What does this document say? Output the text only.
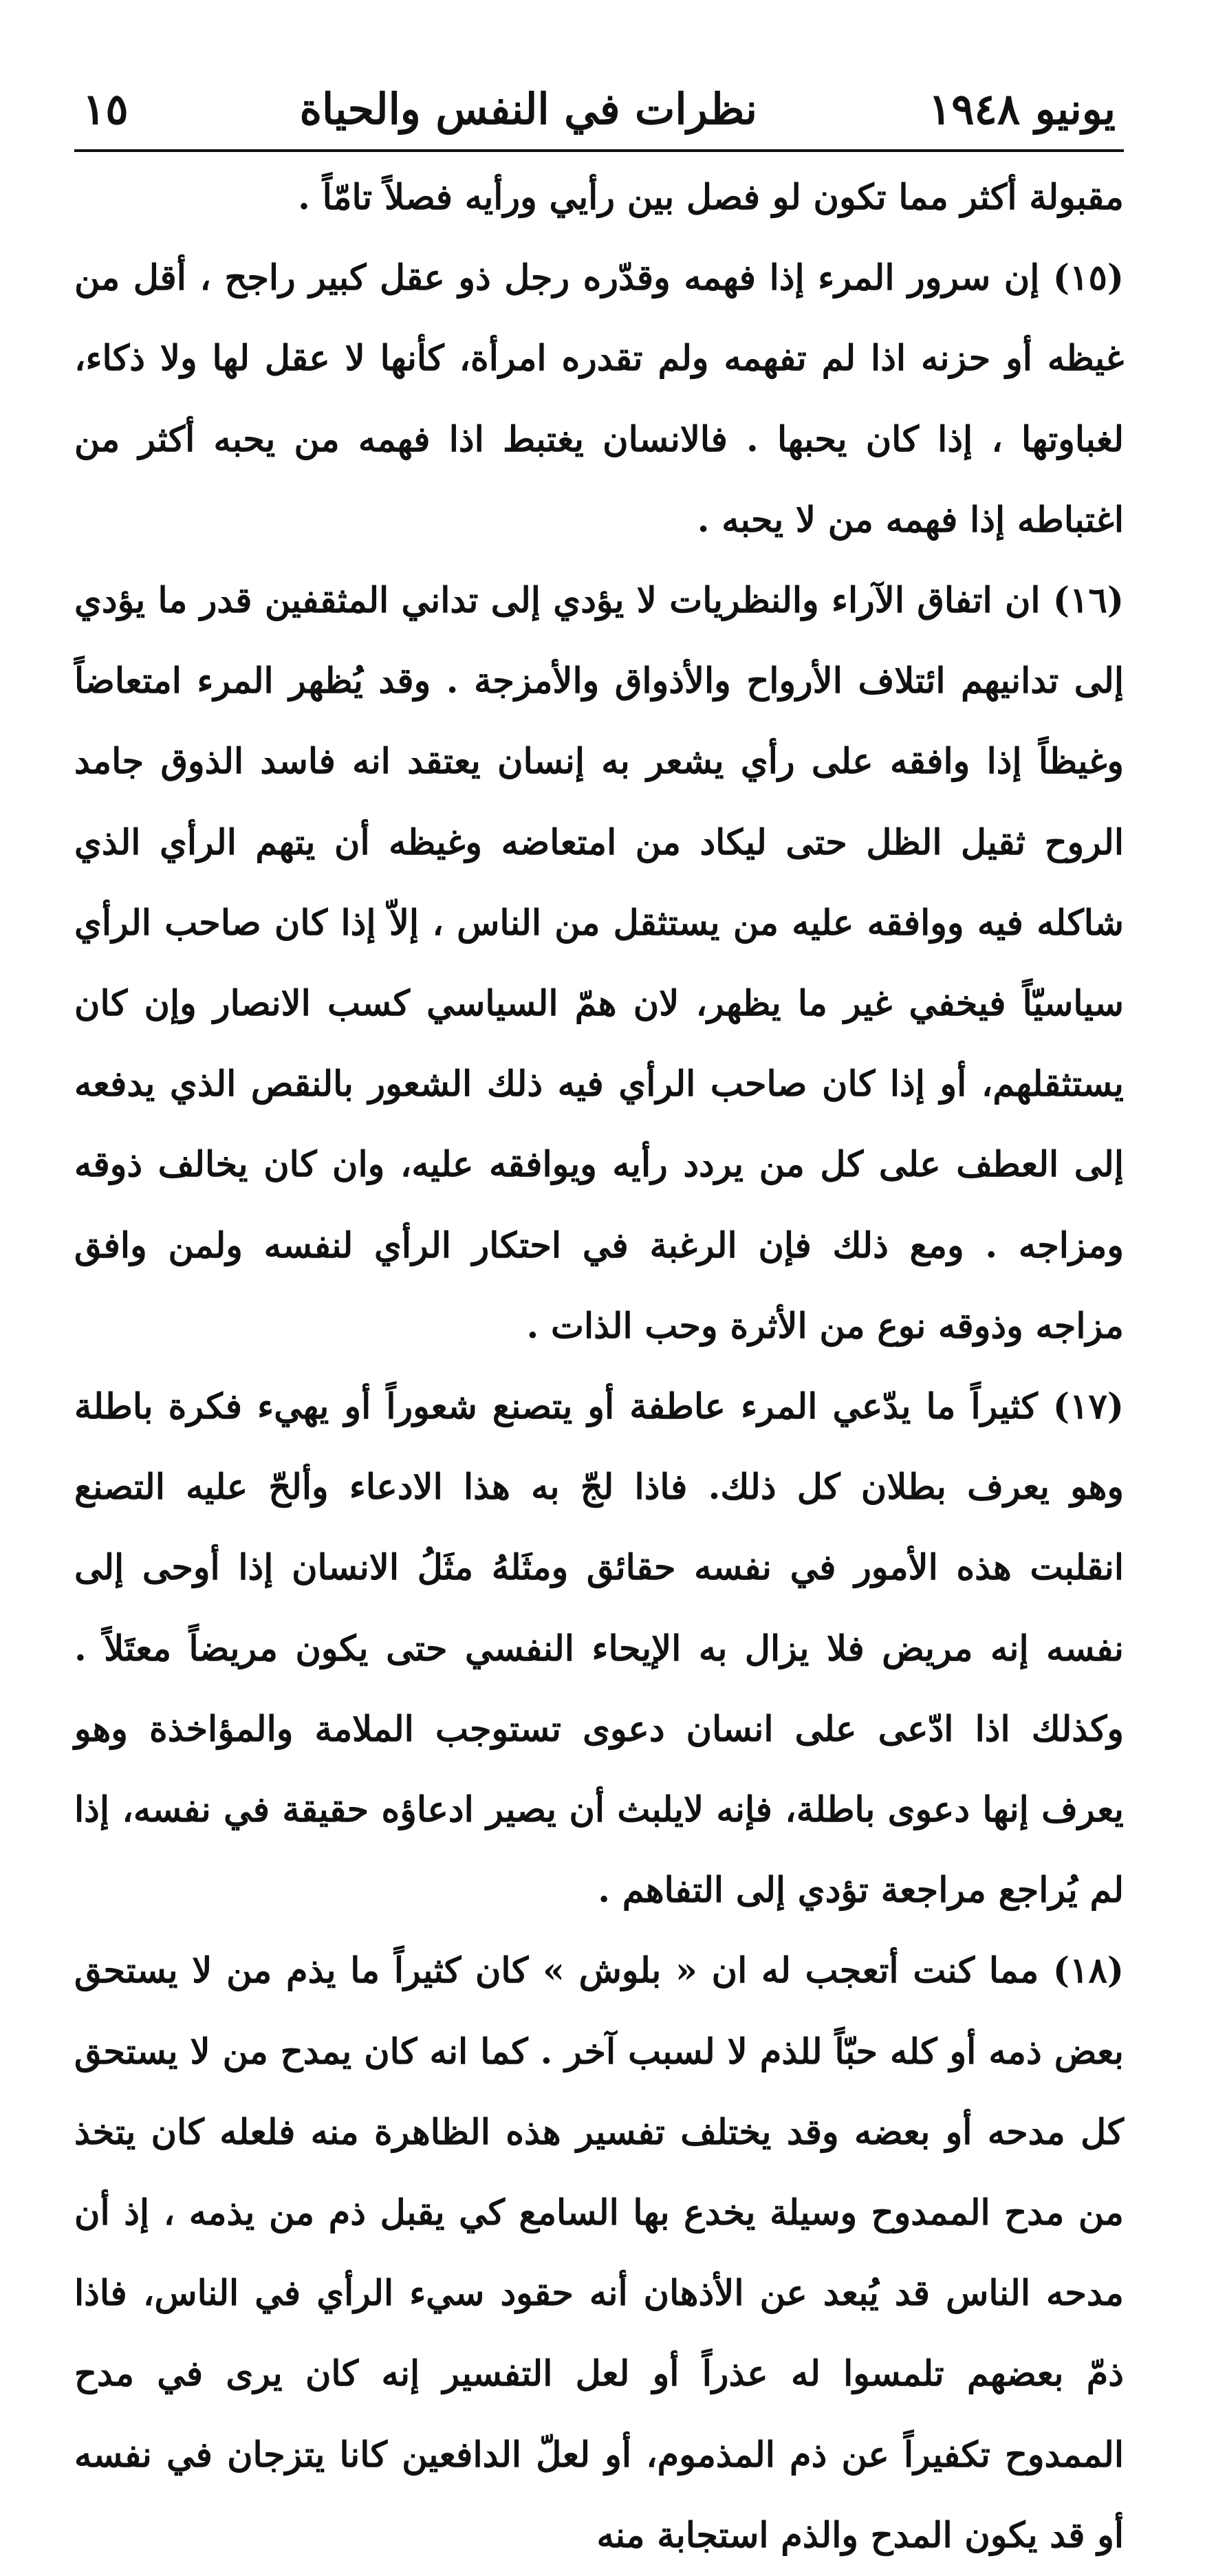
يونيو ١٩٤٨
نظرات في النفس والحياة
١٥

مقبولة أكثر مما تكون لو فصل بين رأيي ورأيه فصلاً تامّاً .

(١٥) إن سرور المرء إذا فهمه وقدّره رجل ذو عقل كبير راجح ، أقل من غيظه أو حزنه اذا لم تفهمه ولم تقدره امرأة، كأنها لا عقل لها ولا ذكاء، لغباوتها ، إذا كان يحبها . فالانسان يغتبط اذا فهمه من يحبه أكثر من اغتباطه إذا فهمه من لا يحبه .

(١٦) ان اتفاق الآراء والنظريات لا يؤدي إلى تداني المثقفين قدر ما يؤدي إلى تدانيهم ائتلاف الأرواح والأذواق والأمزجة . وقد يُظهر المرء امتعاضاً وغيظاً إذا وافقه على رأي يشعر به إنسان يعتقد انه فاسد الذوق جامد الروح ثقيل الظل حتى ليكاد من امتعاضه وغيظه أن يتهم الرأي الذي شاكله فيه ووافقه عليه من يستثقل من الناس ، إلاّ إذا كان صاحب الرأي سياسيّاً فيخفي غير ما يظهر، لان همّ السياسي كسب الانصار وإن كان يستثقلهم، أو إذا كان صاحب الرأي فيه ذلك الشعور بالنقص الذي يدفعه إلى العطف على كل من يردد رأيه ويوافقه عليه، وان كان يخالف ذوقه ومزاجه . ومع ذلك فإن الرغبة في احتكار الرأي لنفسه ولمن وافق مزاجه وذوقه نوع من الأثرة وحب الذات .

(١٧) كثيراً ما يدّعي المرء عاطفة أو يتصنع شعوراً أو يهيء فكرة باطلة وهو يعرف بطلان كل ذلك. فاذا لجّ به هذا الادعاء وألحّ عليه التصنع انقلبت هذه الأمور في نفسه حقائق ومثَلهُ مثَلُ الانسان إذا أوحى إلى نفسه إنه مريض فلا يزال به الإيحاء النفسي حتى يكون مريضاً معتَلاً . وكذلك اذا ادّعى على انسان دعوى تستوجب الملامة والمؤاخذة وهو يعرف إنها دعوى باطلة، فإنه لايلبث أن يصير ادعاؤه حقيقة في نفسه، إذا لم يُراجع مراجعة تؤدي إلى التفاهم .

(١٨) مما كنت أتعجب له ان « بلوش » كان كثيراً ما يذم من لا يستحق بعض ذمه أو كله حبّاً للذم لا لسبب آخر . كما انه كان يمدح من لا يستحق كل مدحه أو بعضه وقد يختلف تفسير هذه الظاهرة منه فلعله كان يتخذ من مدح الممدوح وسيلة يخدع بها السامع كي يقبل ذم من يذمه ، إذ أن مدحه الناس قد يُبعد عن الأذهان أنه حقود سيء الرأي في الناس، فاذا ذمّ بعضهم تلمسوا له عذراً أو لعل التفسير إنه كان يرى في مدح الممدوح تكفيراً عن ذم المذموم، أو لعلّ الدافعين كانا يتزجان في نفسه أو قد يكون المدح والذم استجابة منه
